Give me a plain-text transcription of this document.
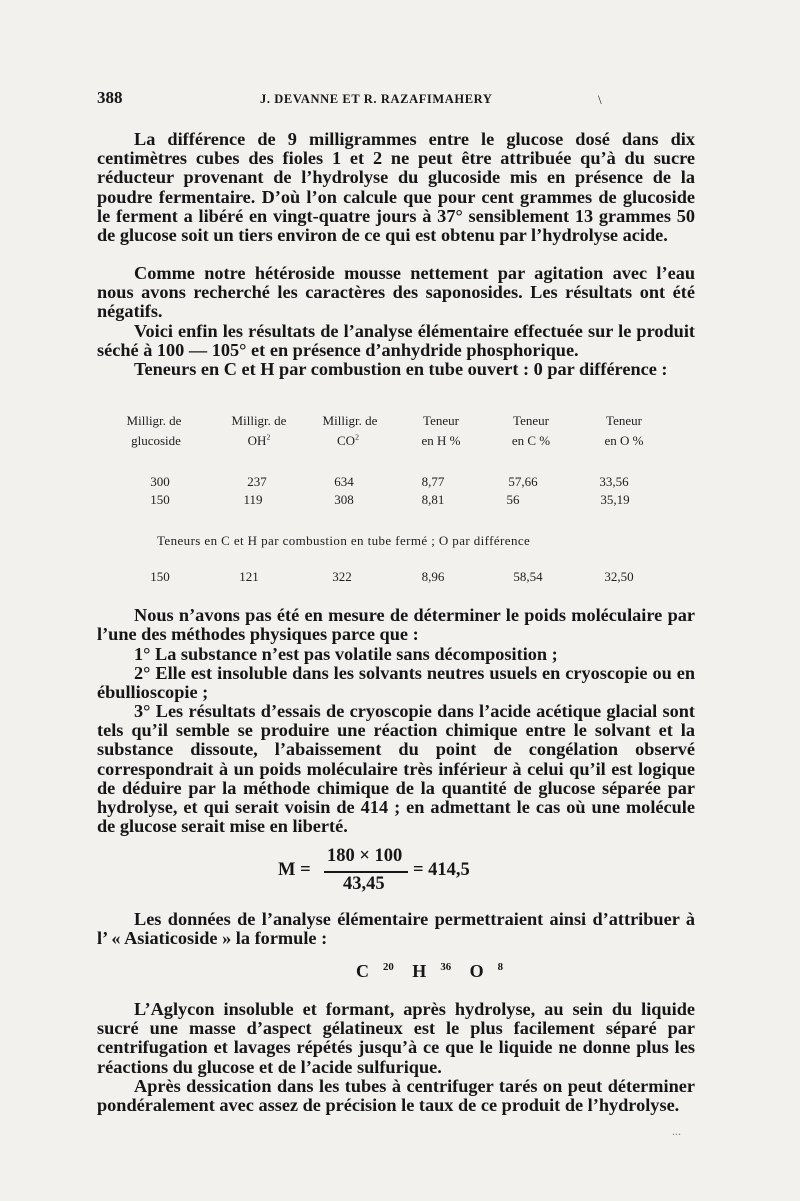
388	J. DEVANNE ET R. RAZAFIMAHERY	\

La différence de 9 milligrammes entre le glucose dosé dans dix centimètres cubes des fioles 1 et 2 ne peut être attribuée qu’à du sucre réducteur provenant de l’hydrolyse du glucoside mis en présence de la poudre fermentaire. D’où l’on calcule que pour cent grammes de glucoside le ferment a libéré en vingt-quatre jours à 37° sensiblement 13 grammes 50 de glucose soit un tiers environ de ce qui est obtenu par l’hydrolyse acide.

Comme notre hétéroside mousse nettement par agitation avec l’eau nous avons recherché les caractères des saponosides. Les résultats ont été négatifs.

Voici enfin les résultats de l’analyse élémentaire effectuée sur le produit séché à 100 — 105° et en présence d’anhydride phosphorique.

Teneurs en C et H par combustion en tube ouvert : 0 par différence :

Milligr. de	Milligr. de	Milligr. de	Teneur	Teneur	Teneur
glucoside	$OH^2$	$CO^2$	en H %	en C %	en O %
300	237	634	8,77	57,66	33,56
150	119	308	8,81	56	35,19
Teneurs en C et H par combustion en tube fermé ; O par différence
150	121	322	8,96	58,54	32,50

Nous n’avons pas été en mesure de déterminer le poids moléculaire par l’une des méthodes physiques parce que :

1° La substance n’est pas volatile sans décomposition ;

2° Elle est insoluble dans les solvants neutres usuels en cryoscopie ou en ébullioscopie ;

3° Les résultats d’essais de cryoscopie dans l’acide acétique glacial sont tels qu’il semble se produire une réaction chimique entre le solvant et la substance dissoute, l’abaissement du point de congélation observé correspondrait à un poids moléculaire très inférieur à celui qu’il est logique de déduire par la méthode chimique de la quantité de glucose séparée par hydrolyse, et qui serait voisin de 414 ; en admettant le cas où une molécule de glucose serait mise en liberté.

M =
180 × 100
43,45
= 414,5

Les données de l’analyse élémentaire permettraient ainsi d’attribuer à l’ « Asiaticoside » la formule :

C $^{20}$ H $^{36}$ O $^8$

L’Aglycon insoluble et formant, après hydrolyse, au sein du liquide sucré une masse d’aspect gélatineux est le plus facilement séparé par centrifugation et lavages répétés jusqu’à ce que le liquide ne donne plus les réactions du glucose et de l’acide sulfurique.

Après dessication dans les tubes à centrifuger tarés on peut déterminer pondéralement avec assez de précision le taux de ce produit de l’hydrolyse.

...
